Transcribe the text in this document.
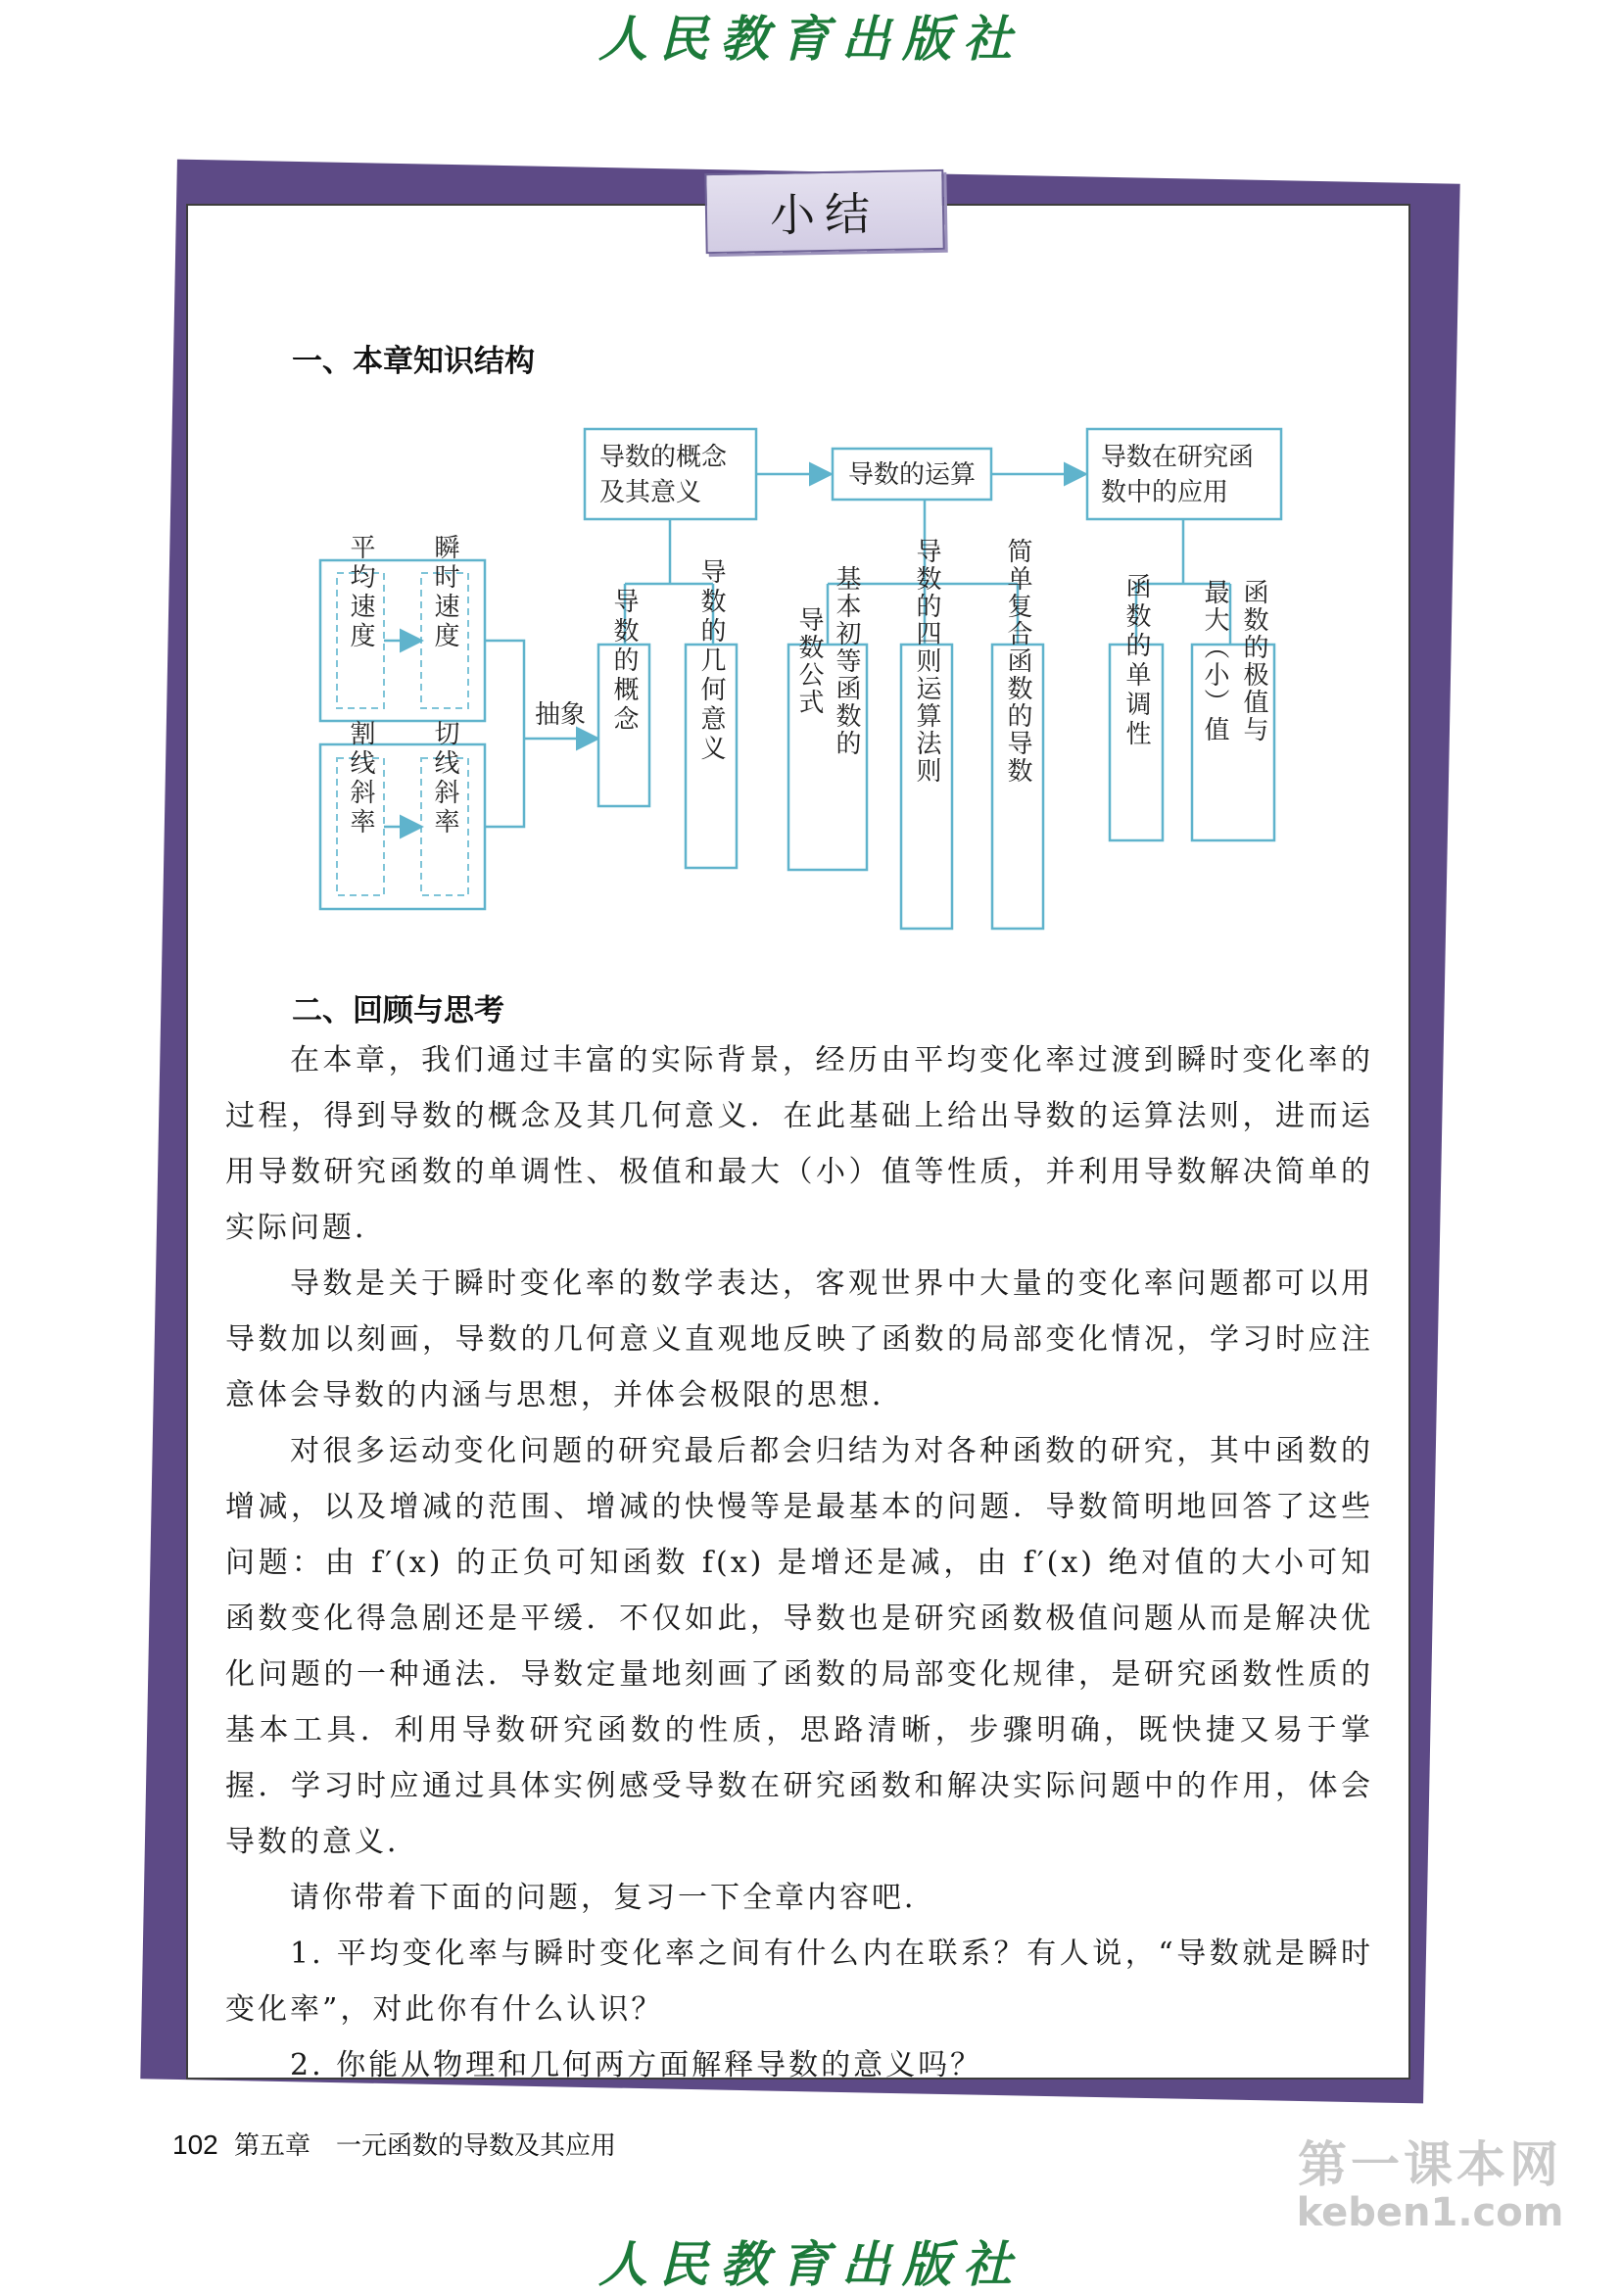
人民教育出版社
小结
一、本章知识结构
导数的概念
及其意义
导数的运算
导数在研究函
数中的应用
平均速度 瞬时速度
割线斜率 切线斜率
抽象 导数的概念 导数的几何意义	基本初等函数的
导数公式	导数的四则运算法则 简单复合函数的导数	函数的单调性	函数的极值与
最大（小）值
二、回顾与思考

在本章，我们通过丰富的实际背景，经历由平均变化率过渡到瞬时变化率的过程，得到导数的概念及其几何意义．在此基础上给出导数的运算法则，进而运用导数研究函数的单调性、极值和最大（小）值等性质，并利用导数解决简单的实际问题．

导数是关于瞬时变化率的数学表达，客观世界中大量的变化率问题都可以用导数加以刻画，导数的几何意义直观地反映了函数的局部变化情况，学习时应注意体会导数的内涵与思想，并体会极限的思想．

对很多运动变化问题的研究最后都会归结为对各种函数的研究，其中函数的增减，以及增减的范围、增减的快慢等是最基本的问题．导数简明地回答了这些问题：由 f′(x) 的正负可知函数 f(x) 是增还是减，由 f′(x) 绝对值的大小可知函数变化得急剧还是平缓．不仅如此，导数也是研究函数极值问题从而是解决优化问题的一种通法．导数定量地刻画了函数的局部变化规律，是研究函数性质的基本工具．利用导数研究函数的性质，思路清晰，步骤明确，既快捷又易于掌握．学习时应通过具体实例感受导数在研究函数和解决实际问题中的作用，体会导数的意义．

请你带着下面的问题，复习一下全章内容吧．

1. 平均变化率与瞬时变化率之间有什么内在联系？有人说，“导数就是瞬时变化率”，对此你有什么认识？

2. 你能从物理和几何两方面解释导数的意义吗？

102 第五章　一元函数的导数及其应用	第一课本网
keben1.com
人民教育出版社
